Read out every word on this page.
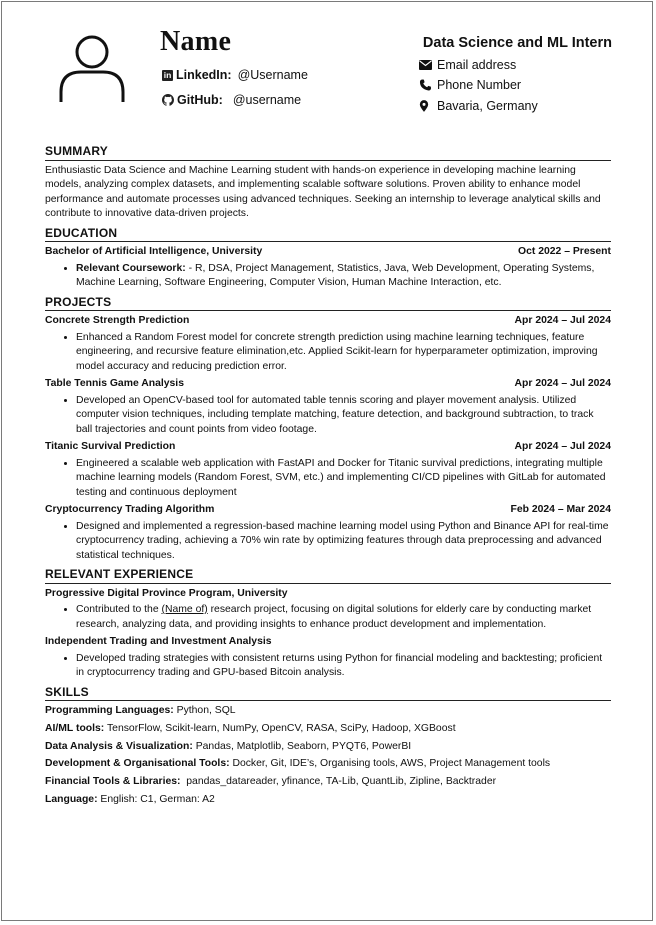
Name
in LinkedIn: @Username
GitHub: @username
Data Science and ML Intern
Email address
Phone Number
Bavaria, Germany
SUMMARY

Enthusiastic Data Science and Machine Learning student with hands-on experience in developing machine learning models, analyzing complex datasets, and implementing scalable software solutions. Proven ability to enhance model performance and automate processes using advanced techniques. Seeking an internship to leverage analytical skills and contribute to innovative data-driven projects.

EDUCATION
Bachelor of Artificial Intelligence, University	Oct 2022 – Present
• Relevant Coursework: - R, DSA, Project Management, Statistics, Java, Web Development, Operating Systems, Machine Learning, Software Engineering, Computer Vision, Human Machine Interaction, etc.
PROJECTS
Concrete Strength Prediction	Apr 2024 – Jul 2024
• Enhanced a Random Forest model for concrete strength prediction using machine learning techniques, feature engineering, and recursive feature elimination,etc. Applied Scikit-learn for hyperparameter optimization, improving model accuracy and reducing prediction error.
Table Tennis Game Analysis	Apr 2024 – Jul 2024
• Developed an OpenCV-based tool for automated table tennis scoring and player movement analysis. Utilized computer vision techniques, including template matching, feature detection, and background subtraction, to track ball trajectories and count points from video footage.
Titanic Survival Prediction	Apr 2024 – Jul 2024
• Engineered a scalable web application with FastAPI and Docker for Titanic survival predictions, integrating multiple machine learning models (Random Forest, SVM, etc.) and implementing CI/CD pipelines with GitLab for automated testing and continuous deployment
Cryptocurrency Trading Algorithm	Feb 2024 – Mar 2024
• Designed and implemented a regression-based machine learning model using Python and Binance API for real-time cryptocurrency trading, achieving a 70% win rate by optimizing features through data preprocessing and advanced statistical techniques.
RELEVANT EXPERIENCE
Progressive Digital Province Program, University
• Contributed to the (Name of) research project, focusing on digital solutions for elderly care by conducting market research, analyzing data, and providing insights to enhance product development and implementation.
Independent Trading and Investment Analysis
• Developed trading strategies with consistent returns using Python for financial modeling and backtesting; proficient in cryptocurrency trading and GPU-based Bitcoin analysis.
SKILLS

Programming Languages: Python, SQL

AI/ML tools: TensorFlow, Scikit-learn, NumPy, OpenCV, RASA, SciPy, Hadoop, XGBoost

Data Analysis & Visualization: Pandas, Matplotlib, Seaborn, PYQT6, PowerBI

Development & Organisational Tools: Docker, Git, IDE’s, Organising tools, AWS, Project Management tools

Financial Tools & Libraries:  pandas_datareader, yfinance, TA-Lib, QuantLib, Zipline, Backtrader

Language: English: C1, German: A2
